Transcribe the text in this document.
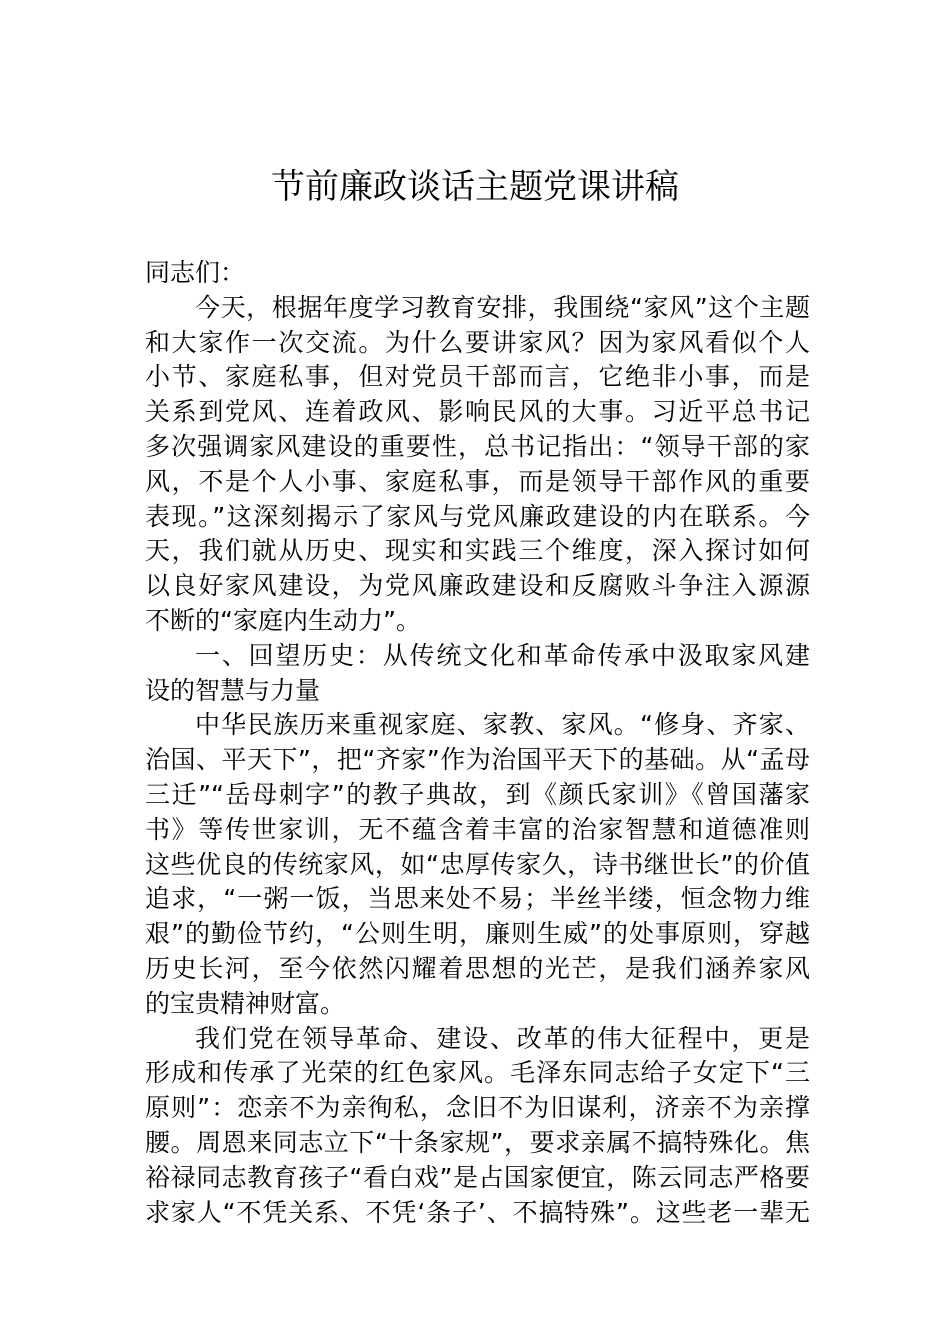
节前廉政谈话主题党课讲稿
同志们：
今天，根据年度学习教育安排，我围绕“家风”这个主题
和大家作一次交流。为什么要讲家风？因为家风看似个人
小节、家庭私事，但对党员干部而言，它绝非小事，而是
关系到党风、连着政风、影响民风的大事。习近平总书记
多次强调家风建设的重要性，总书记指出：“领导干部的家
风，不是个人小事、家庭私事，而是领导干部作风的重要
表现。”这深刻揭示了家风与党风廉政建设的内在联系。今
天，我们就从历史、现实和实践三个维度，深入探讨如何
以良好家风建设，为党风廉政建设和反腐败斗争注入源源
不断的“家庭内生动力”。
一、回望历史：从传统文化和革命传承中汲取家风建
设的智慧与力量
中华民族历来重视家庭、家教、家风。“修身、齐家、
治国、平天下”，把“齐家”作为治国平天下的基础。从“孟母
三迁”“岳母刺字”的教子典故，到《颜氏家训》《曾国藩家
书》等传世家训，无不蕴含着丰富的治家智慧和道德准则
这些优良的传统家风，如“忠厚传家久，诗书继世长”的价值
追求，“一粥一饭，当思来处不易；半丝半缕，恒念物力维
艰”的勤俭节约，“公则生明，廉则生威”的处事原则，穿越
历史长河，至今依然闪耀着思想的光芒，是我们涵养家风
的宝贵精神财富。
我们党在领导革命、建设、改革的伟大征程中，更是
形成和传承了光荣的红色家风。毛泽东同志给子女定下“三
原则”：恋亲不为亲徇私，念旧不为旧谋利，济亲不为亲撑
腰。周恩来同志立下“十条家规”，要求亲属不搞特殊化。焦
裕禄同志教育孩子“看白戏”是占国家便宜，陈云同志严格要
求家人“不凭关系、不凭‘条子’、不搞特殊”。这些老一辈无
